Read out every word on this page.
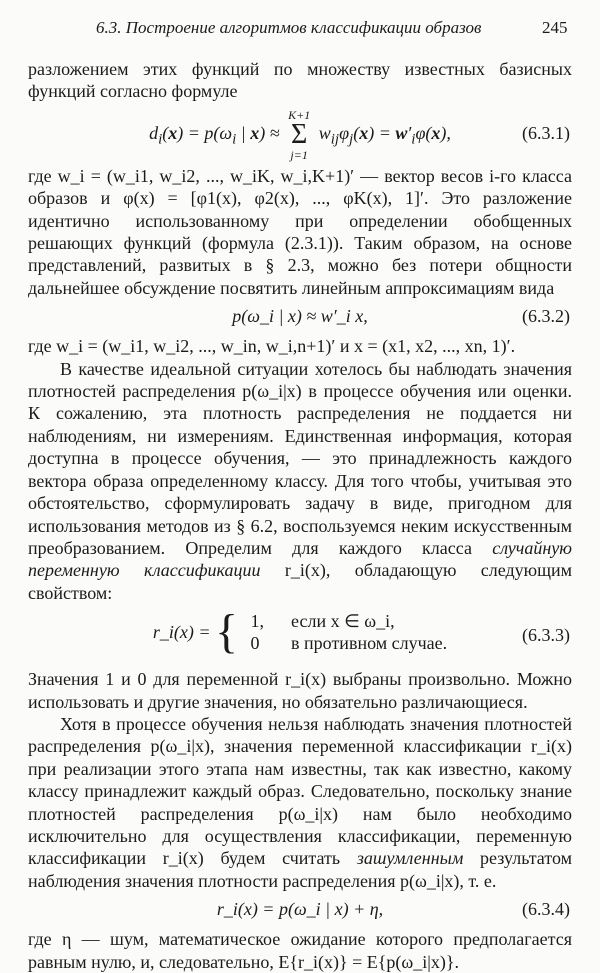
6.3. Построение алгоритмов классификации образов	245

разложением этих функций по множеству известных базисных функций согласно формуле

$d_i(x) = p(\omega_i$ | x) ≈
K+1
Σ
j=1
$w_{ij}\varphi_j(x) = w'_i\varphi(x)$,	(6.3.1)

где w_i = (w_i1, w_i2, ..., w_iK, w_i,K+1)′ — вектор весов i-го класса образов и φ(x) = [φ1(x), φ2(x), ..., φK(x), 1]′. Это разложение идентично использованному при определении обобщенных решающих функций (формула (2.3.1)). Таким образом, на основе представлений, развитых в § 2.3, можно без потери общности дальнейшее обсуждение посвятить линейным аппроксимациям вида

p(ω_i | x) ≈ w′_i x,	(6.3.2)

где w_i = (w_i1, w_i2, ..., w_in, w_i,n+1)′ и x = (x1, x2, ..., xn, 1)′.

В качестве идеальной ситуации хотелось бы наблюдать значения плотностей распределения p(ω_i|x) в процессе обучения или оценки. К сожалению, эта плотность распределения не поддается ни наблюдениям, ни измерениям. Единственная информация, которая доступна в процессе обучения, — это принадлежность каждого вектора образа определенному классу. Для того чтобы, учитывая это обстоятельство, сформулировать задачу в виде, пригодном для использования методов из § 6.2, воспользуемся неким искусственным преобразованием. Определим для каждого класса случайную переменную классификации r_i(x), обладающую следующим свойством:

r_i(x) = { 1, если x ∈ ω_i,
0 в противном случае.	(6.3.3)

Значения 1 и 0 для переменной r_i(x) выбраны произвольно. Можно использовать и другие значения, но обязательно различающиеся.

Хотя в процессе обучения нельзя наблюдать значения плотностей распределения p(ω_i|x), значения переменной классификации r_i(x) при реализации этого этапа нам известны, так как известно, какому классу принадлежит каждый образ. Следовательно, поскольку знание плотностей распределения p(ω_i|x) нам было необходимо исключительно для осуществления классификации, переменную классификации r_i(x) будем считать зашумленным результатом наблюдения значения плотности распределения p(ω_i|x), т. е.

r_i(x) = p(ω_i | x) + η,	(6.3.4)

где η — шум, математическое ожидание которого предполагается равным нулю, и, следовательно, E{r_i(x)} = E{p(ω_i|x)}.
